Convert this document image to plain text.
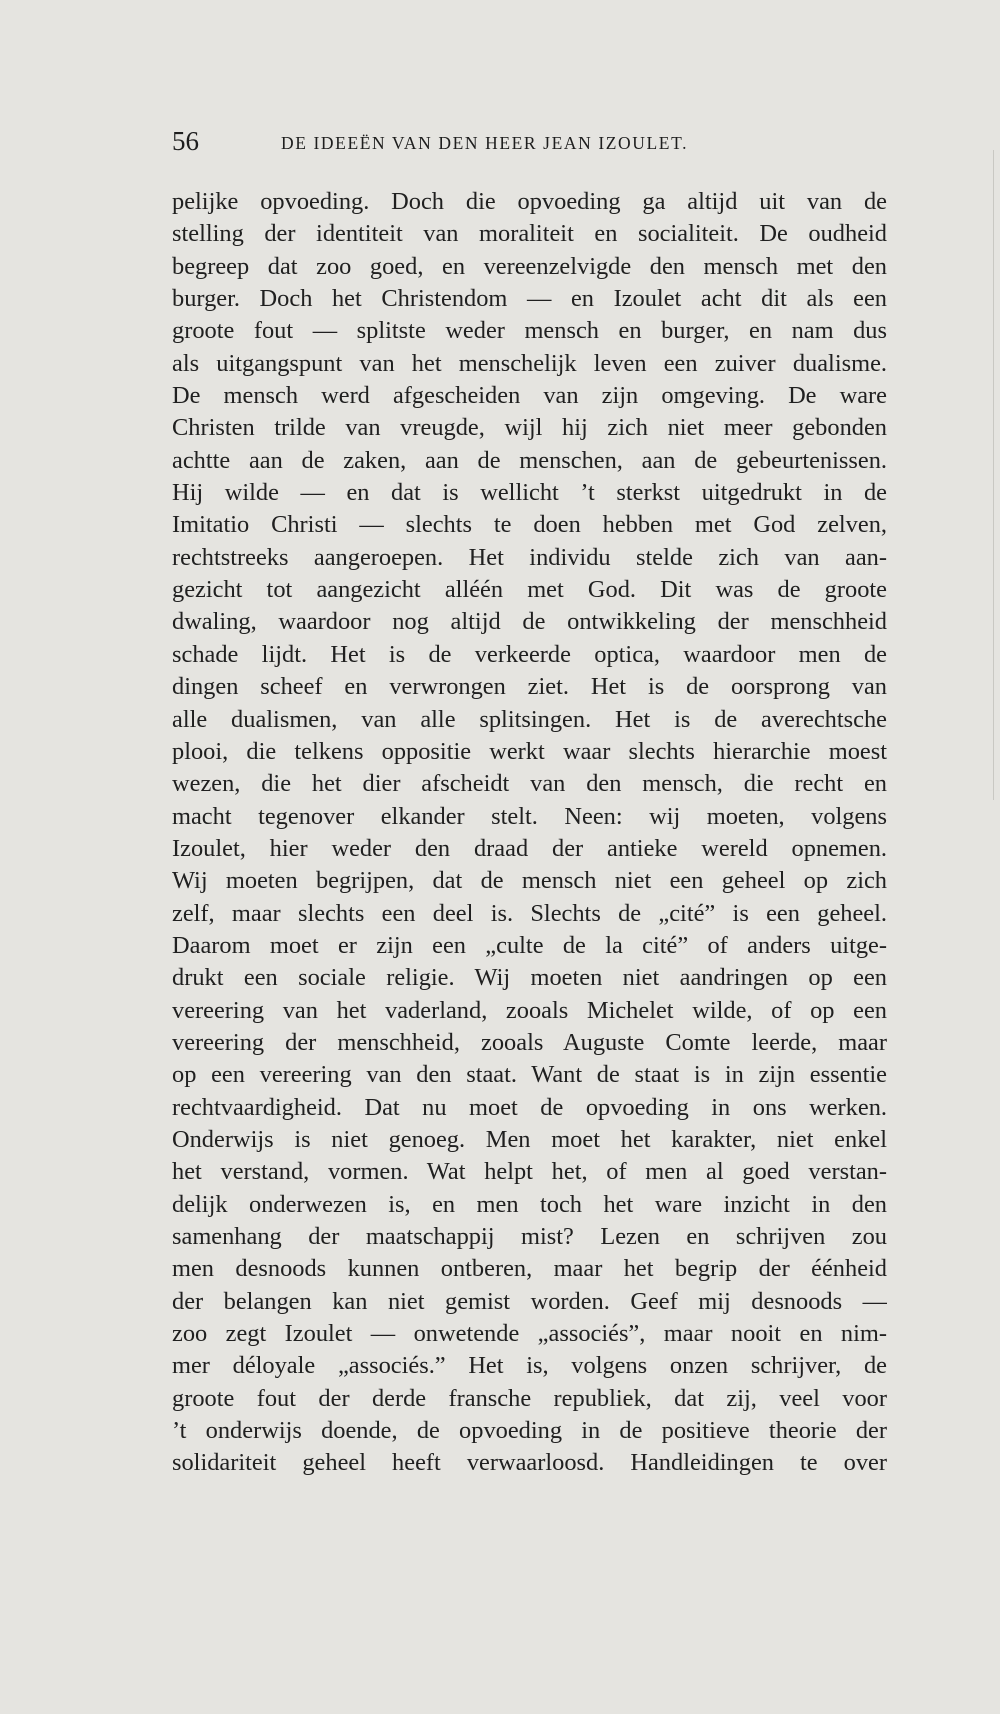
56	DE IDEEËN VAN DEN HEER JEAN IZOULET.
pelijke opvoeding. Doch die opvoeding ga altijd uit van de
stelling der identiteit van moraliteit en socialiteit. De oudheid
begreep dat zoo goed, en vereenzelvigde den mensch met den
burger. Doch het Christendom — en Izoulet acht dit als een
groote fout — splitste weder mensch en burger, en nam dus
als uitgangspunt van het menschelijk leven een zuiver dualisme.
De mensch werd afgescheiden van zijn omgeving. De ware
Christen trilde van vreugde, wijl hij zich niet meer gebonden
achtte aan de zaken, aan de menschen, aan de gebeurtenissen.
Hij wilde — en dat is wellicht ’t sterkst uitgedrukt in de
Imitatio Christi — slechts te doen hebben met God zelven,
rechtstreeks aangeroepen. Het individu stelde zich van aan-
gezicht tot aangezicht alléén met God. Dit was de groote
dwaling, waardoor nog altijd de ontwikkeling der menschheid
schade lijdt. Het is de verkeerde optica, waardoor men de
dingen scheef en verwrongen ziet. Het is de oorsprong van
alle dualismen, van alle splitsingen. Het is de averechtsche
plooi, die telkens oppositie werkt waar slechts hierarchie moest
wezen, die het dier afscheidt van den mensch, die recht en
macht tegenover elkander stelt. Neen: wij moeten, volgens
Izoulet, hier weder den draad der antieke wereld opnemen.
Wij moeten begrijpen, dat de mensch niet een geheel op zich
zelf, maar slechts een deel is. Slechts de „cité” is een geheel.
Daarom moet er zijn een „culte de la cité” of anders uitge-
drukt een sociale religie. Wij moeten niet aandringen op een
vereering van het vaderland, zooals Michelet wilde, of op een
vereering der menschheid, zooals Auguste Comte leerde, maar
op een vereering van den staat. Want de staat is in zijn essentie
rechtvaardigheid. Dat nu moet de opvoeding in ons werken.
Onderwijs is niet genoeg. Men moet het karakter, niet enkel
het verstand, vormen. Wat helpt het, of men al goed verstan-
delijk onderwezen is, en men toch het ware inzicht in den
samenhang der maatschappij mist? Lezen en schrijven zou
men desnoods kunnen ontberen, maar het begrip der éénheid
der belangen kan niet gemist worden. Geef mij desnoods —
zoo zegt Izoulet — onwetende „associés”, maar nooit en nim-
mer déloyale „associés.” Het is, volgens onzen schrijver, de
groote fout der derde fransche republiek, dat zij, veel voor
’t onderwijs doende, de opvoeding in de positieve theorie der
solidariteit geheel heeft verwaarloosd. Handleidingen te over
